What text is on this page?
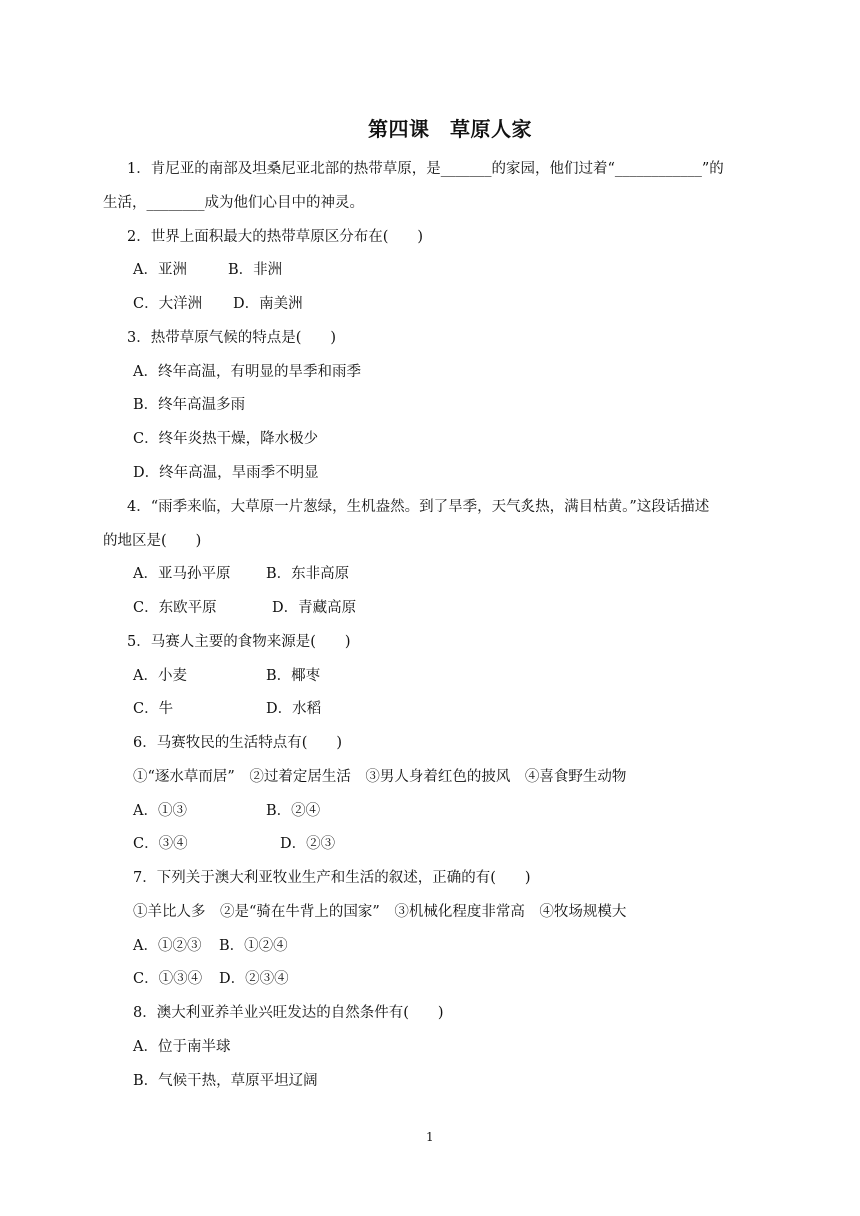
第四课　草原人家
1．肯尼亚的南部及坦桑尼亚北部的热带草原，是_______的家园，他们过着“____________”的
生活，________成为他们心目中的神灵。
2．世界上面积最大的热带草原区分布在(　　)
A．亚洲	B．非洲
C．大洋洲 D．南美洲
3．热带草原气候的特点是(　　)
A．终年高温，有明显的旱季和雨季
B．终年高温多雨
C．终年炎热干燥，降水极少
D．终年高温，旱雨季不明显
4．“雨季来临，大草原一片葱绿，生机盎然。到了旱季，天气炙热，满目枯黄。”这段话描述
的地区是(　　)
A．亚马孙平原 B．东非高原
C．东欧平原	D．青藏高原
5．马赛人主要的食物来源是(　　)
A．小麦	B．椰枣
C．牛	D．水稻
6．马赛牧民的生活特点有(　　)
①“逐水草而居”　②过着定居生活　③男人身着红色的披风　④喜食野生动物
A．①③	B．②④
C．③④	D．②③
7．下列关于澳大利亚牧业生产和生活的叙述，正确的有(　　)
①羊比人多　②是“骑在牛背上的国家”　③机械化程度非常高　④牧场规模大
A．①②③ B．①②④
C．①③④ D．②③④
8．澳大利亚养羊业兴旺发达的自然条件有(　　)
A．位于南半球
B．气候干热，草原平坦辽阔
1
